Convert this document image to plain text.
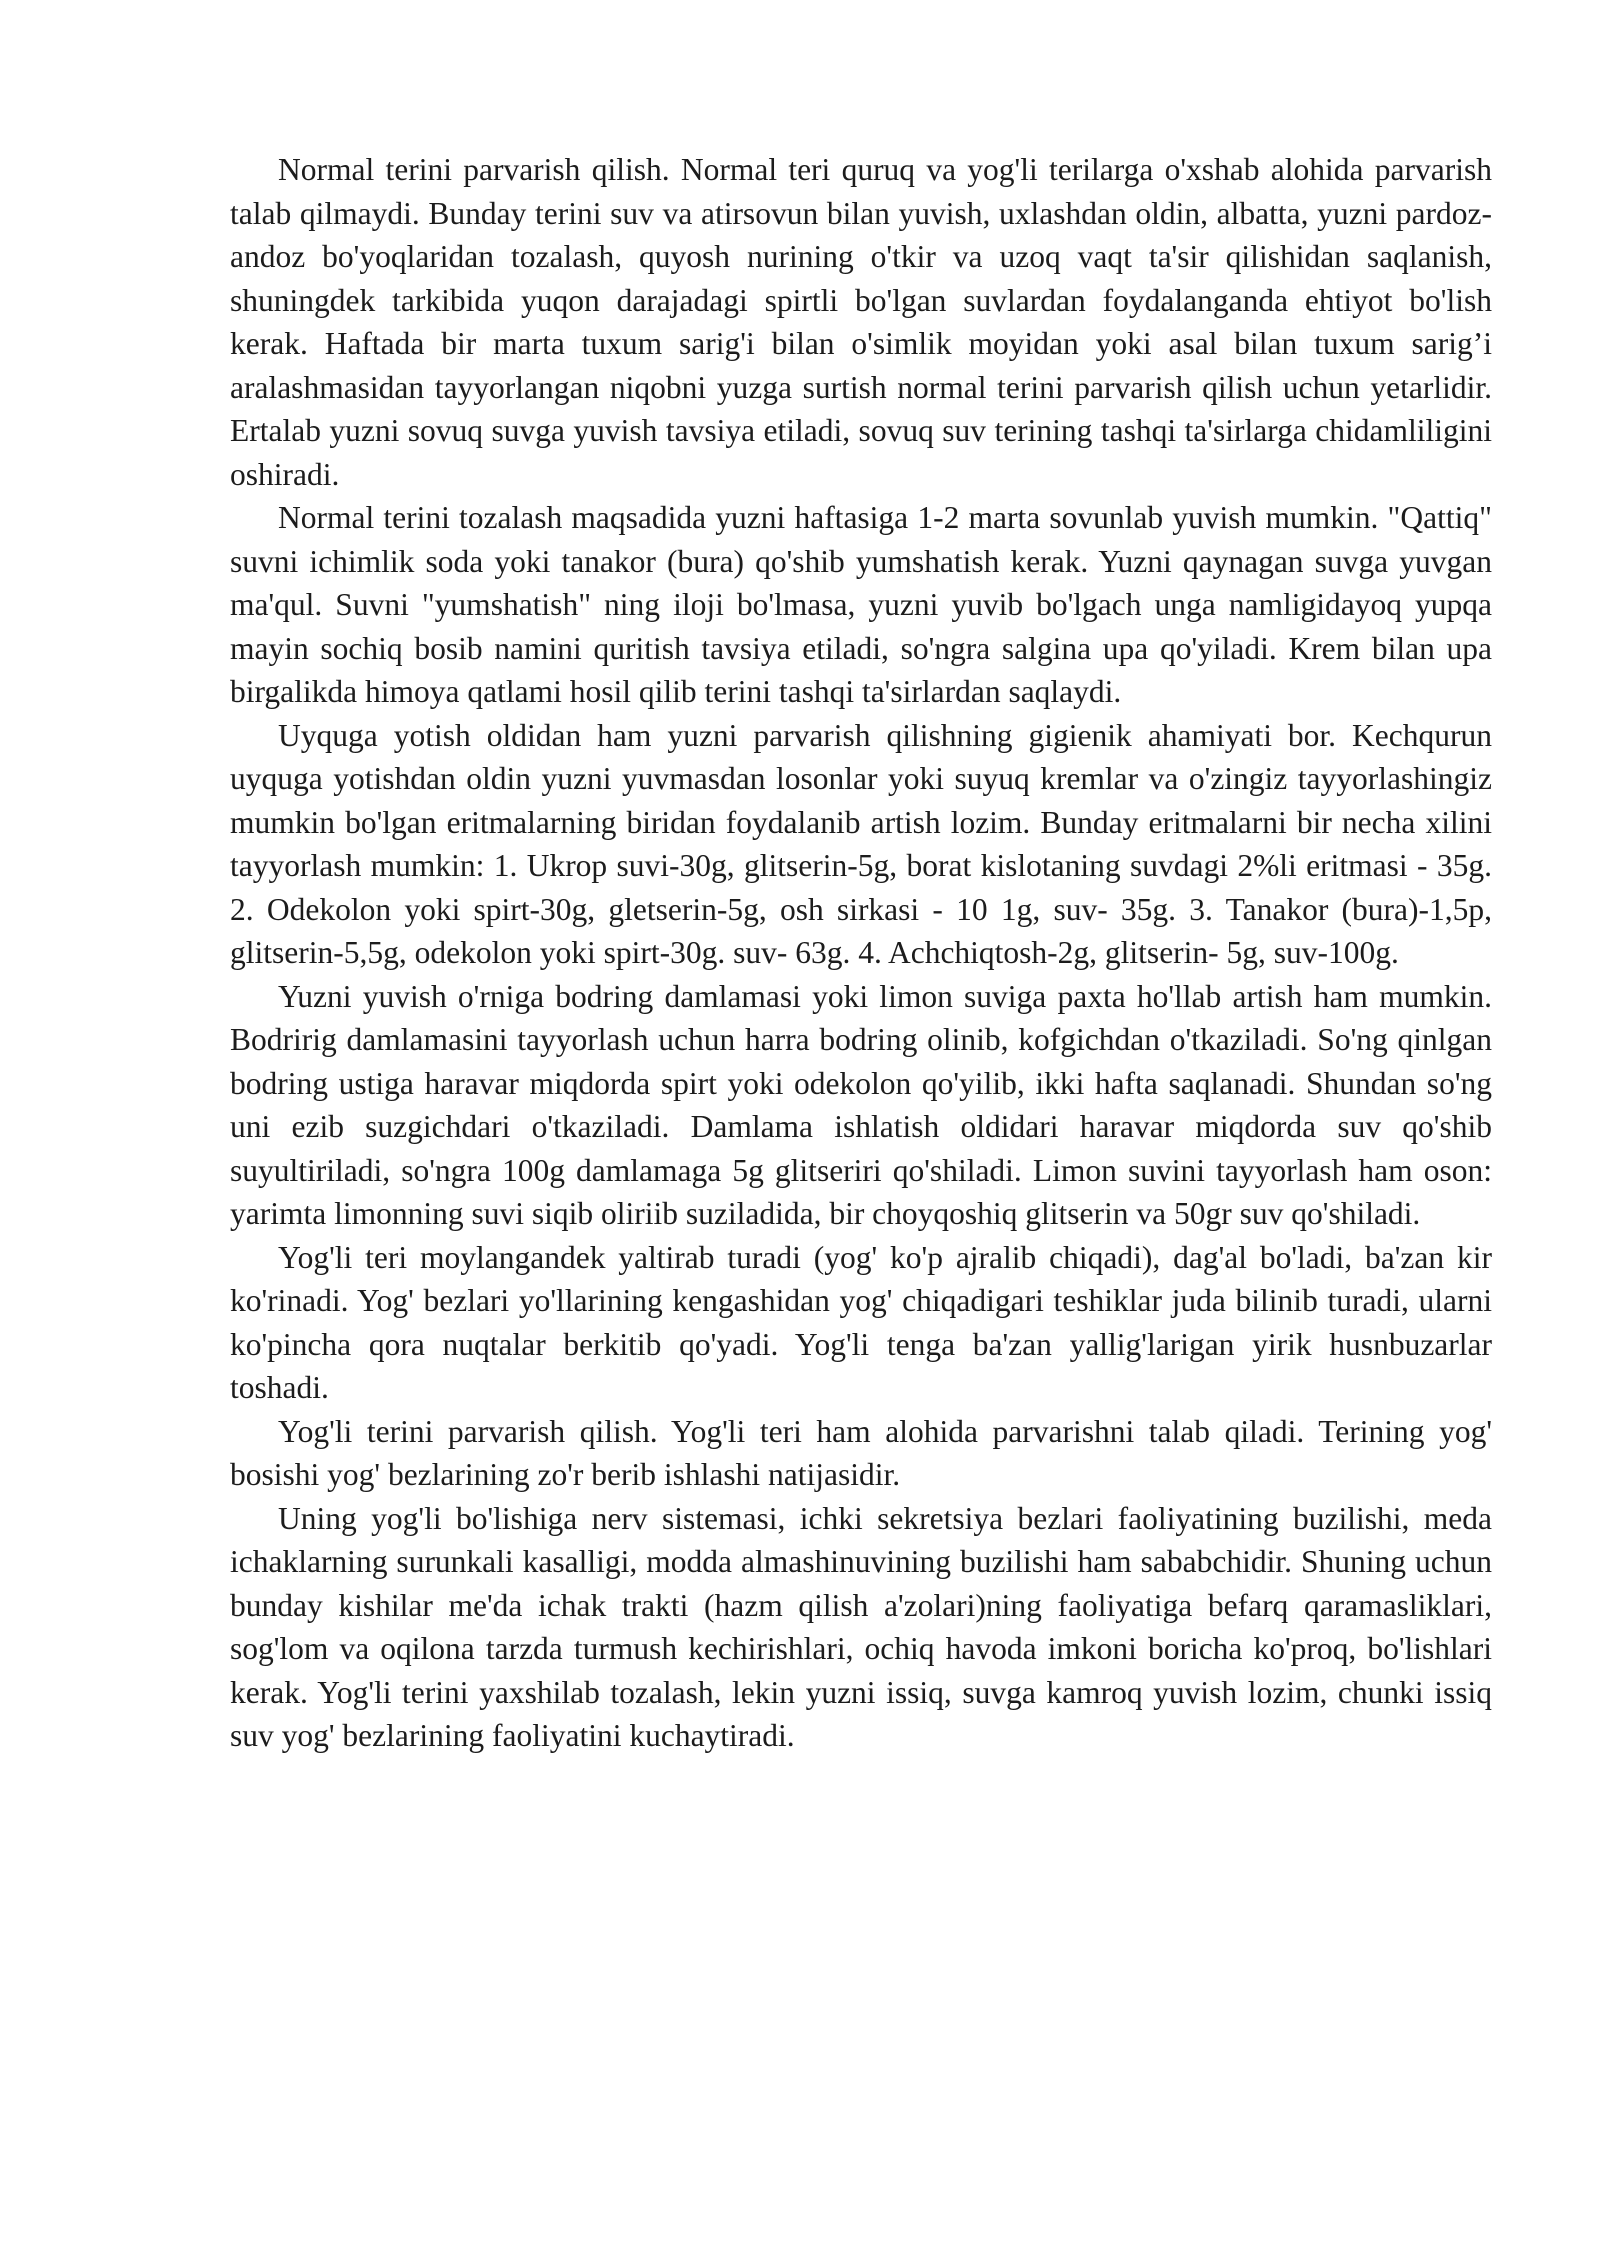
Normal terini parvarish qilish. Normal teri quruq va yog'li terilarga o'xshab alohida parvarish talab qilmaydi. Bunday terini suv va atirsovun bilan yuvish, uxlashdan oldin, albatta, yuzni pardoz-andoz bo'yoqlaridan tozalash, quyosh nurining o'tkir va uzoq vaqt ta'sir qilishidan saqlanish, shuningdek tarkibida yuqon darajadagi spirtli bo'lgan suvlardan foydalanganda ehtiyot bo'lish kerak. Haftada bir marta tuxum sarig'i bilan o'simlik moyidan yoki asal bilan tuxum sarig’i aralashmasidan tayyorlangan niqobni yuzga surtish normal terini parvarish qilish uchun yetarlidir. Ertalab yuzni sovuq suvga yuvish tavsiya etiladi, sovuq suv terining tashqi ta'sirlarga chidamliligini oshiradi.

Normal terini tozalash maqsadida yuzni haftasiga 1-2 marta sovunlab yuvish mumkin. "Qattiq" suvni ichimlik soda yoki tanakor (bura) qo'shib yumshatish kerak. Yuzni qaynagan suvga yuvgan ma'qul. Suvni "yumshatish" ning iloji bo'lmasa, yuzni yuvib bo'lgach unga namligidayoq yupqa mayin sochiq bosib namini quritish tavsiya etiladi, so'ngra salgina upa qo'yiladi. Krem bilan upa birgalikda himoya qatlami hosil qilib terini tashqi ta'sirlardan saqlaydi.

Uyquga yotish oldidan ham yuzni parvarish qilishning gigienik ahamiyati bor. Kechqurun uyquga yotishdan oldin yuzni yuvmasdan losonlar yoki suyuq kremlar va o'zingiz tayyorlashingiz mumkin bo'lgan eritmalarning biridan foydalanib artish lozim. Bunday eritmalarni bir necha xilini tayyorlash mumkin: 1. Ukrop suvi-30g, glitserin-5g, borat kislotaning suvdagi 2%li eritmasi - 35g. 2. Odekolon yoki spirt-30g, gletserin-5g, osh sirkasi - 10 1g, suv- 35g. 3. Tanakor (bura)-1,5p, glitserin-5,5g, odekolon yoki spirt-30g. suv- 63g. 4. Achchiqtosh-2g, glitserin- 5g, suv-100g.

Yuzni yuvish o'rniga bodring damlamasi yoki limon suviga paxta ho'llab artish ham mumkin. Bodririg damlamasini tayyorlash uchun harra bodring olinib, kofgichdan o'tkaziladi. So'ng qinlgan bodring ustiga haravar miqdorda spirt yoki odekolon qo'yilib, ikki hafta saqlanadi. Shundan so'ng uni ezib suzgichdari o'tkaziladi. Damlama ishlatish oldidari haravar miqdorda suv qo'shib suyultiriladi, so'ngra 100g damlamaga 5g glitseriri qo'shiladi. Limon suvini tayyorlash ham oson: yarimta limonning suvi siqib oliriib suziladida, bir choyqoshiq glitserin va 50gr suv qo'shiladi.

Yog'li teri moylangandek yaltirab turadi (yog' ko'p ajralib chiqadi), dag'al bo'ladi, ba'zan kir ko'rinadi. Yog' bezlari yo'llarining kengashidan yog' chiqadigari teshiklar juda bilinib turadi, ularni ko'pincha qora nuqtalar berkitib qo'yadi. Yog'li tenga ba'zan yallig'larigan yirik husnbuzarlar toshadi.

Yog'li terini parvarish qilish. Yog'li teri ham alohida parvarishni talab qiladi. Terining yog' bosishi yog' bezlarining zo'r berib ishlashi natijasidir.

Uning yog'li bo'lishiga nerv sistemasi, ichki sekretsiya bezlari faoliyatining buzilishi, meda ichaklarning surunkali kasalligi, modda almashinuvining buzilishi ham sababchidir. Shuning uchun bunday kishilar me'da ichak trakti (hazm qilish a'zolari)ning faoliyatiga befarq qaramasliklari, sog'lom va oqilona tarzda turmush kechirishlari, ochiq havoda imkoni boricha ko'proq, bo'lishlari kerak. Yog'li terini yaxshilab tozalash, lekin yuzni issiq, suvga kamroq yuvish lozim, chunki issiq suv yog' bezlarining faoliyatini kuchaytiradi.
